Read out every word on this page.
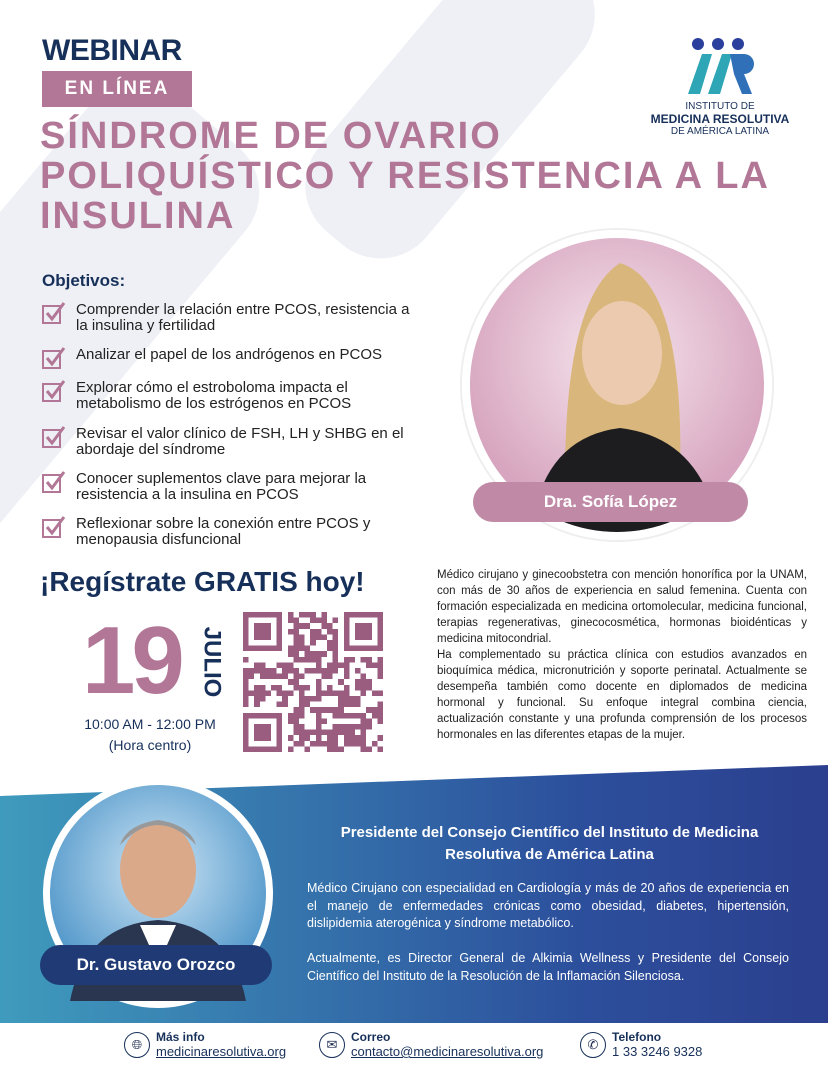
WEBINAR
EN LÍNEA
SÍNDROME DE OVARIO POLIQUÍSTICO Y RESISTENCIA A LA INSULINA
INSTITUTO DE
MEDICINA RESOLUTIVA
DE AMÉRICA LATINA
Objetivos:
Comprender la relación entre PCOS, resistencia a la insulina y fertilidad
Analizar el papel de los andrógenos en PCOS
Explorar cómo el estroboloma impacta el metabolismo de los estrógenos en PCOS
Revisar el valor clínico de FSH, LH y SHBG en el abordaje del síndrome
Conocer suplementos clave para mejorar la resistencia a la insulina en PCOS
Reflexionar sobre la conexión entre PCOS y menopausia disfuncional
Dra. Sofía López
¡Regístrate GRATIS hoy!
19 JULIO
10:00 AM - 12:00 PM
(Hora centro)
Médico cirujano y ginecoobstetra con mención honorífica por la UNAM, con más de 30 años de experiencia en salud femenina. Cuenta con formación especializada en medicina ortomolecular, medicina funcional, terapias regenerativas, ginecocosmética, hormonas bioidénticas y medicina mitocondrial.
Ha complementado su práctica clínica con estudios avanzados en bioquímica médica, micronutrición y soporte perinatal. Actualmente se desempeña también como docente en diplomados de medicina hormonal y funcional. Su enfoque integral combina ciencia, actualización constante y una profunda comprensión de los procesos hormonales en las diferentes etapas de la mujer.
Dr. Gustavo Orozco
Presidente del Consejo Científico del Instituto de Medicina Resolutiva de América Latina
Médico Cirujano con especialidad en Cardiología y más de 20 años de experiencia en el manejo de enfermedades crónicas como obesidad, diabetes, hipertensión, dislipidemia aterogénica y síndrome metabólico.
Actualmente, es Director General de Alkimia Wellness y Presidente del Consejo Científico del Instituto de la Resolución de la Inflamación Silenciosa.
🌐︎	Más info
medicinaresolutiva.org	✉	Correo
contacto@medicinaresolutiva.org	✆	Telefono
1 33 3246 9328
